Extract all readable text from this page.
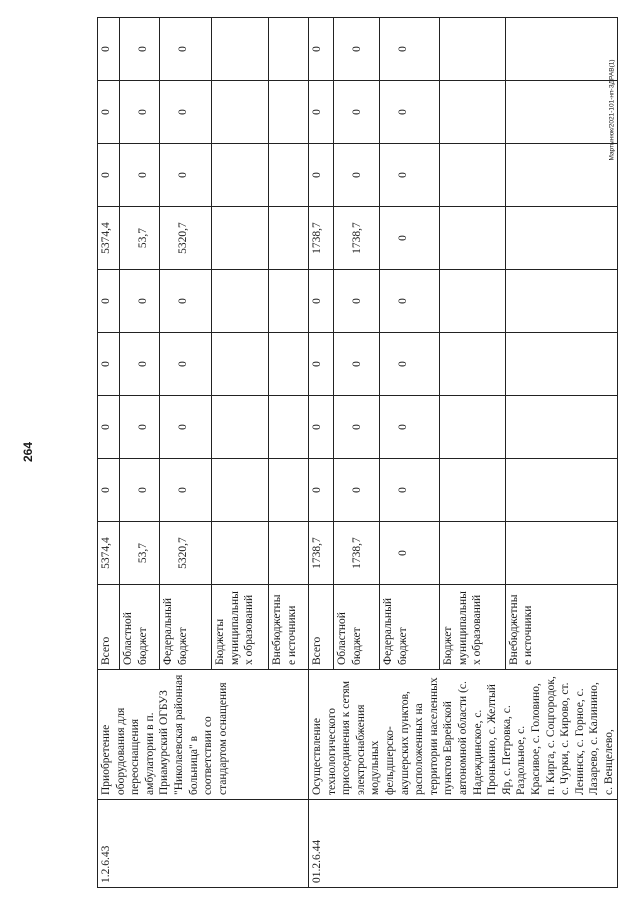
264
Мартынюк/2021-101-нп-ЗДРАВ(1)
1.2.6.43	Приобретение оборудования для переоснащения амбулатории в п. Приамурский ОГБУЗ "Николаевская районная больница" в соответствии со стандартом оснащения	Всего	5374,4	0	0	0	0	5374,4	0	0	0
		Областной бюджет	53,7	0	0	0	0	53,7	0	0	0
		Федеральный бюджет	5320,7	0	0	0	0	5320,7	0	0	0
		Бюджеты муниципальны х образований									
		Внебюджетны е источники									
01.2.6.44	Осуществление технологического присоединения к сетям электроснабжения модульных фельдшерско-акушерских пунктов, расположенных на территории населенных пунктов Еврейской автономной области (с. Надеждинское, с. Пронькино, с. Желтый Яр, с. Петровка, с. Раздольное, с. Красивое, с. Головино, п. Кирга, с. Соцгородок, с. Чурки, с. Кирово, ст. Ленинск, с. Горное, с. Лазарево, с. Калинино, с. Венцелево,	Всего	1738,7	0	0	0	0	1738,7	0	0	0
		Областной бюджет	1738,7	0	0	0	0	1738,7	0	0	0
		Федеральный бюджет	0	0	0	0	0	0	0	0	0
		Бюджет муниципальны х образований									
		Внебюджетны е источники									
